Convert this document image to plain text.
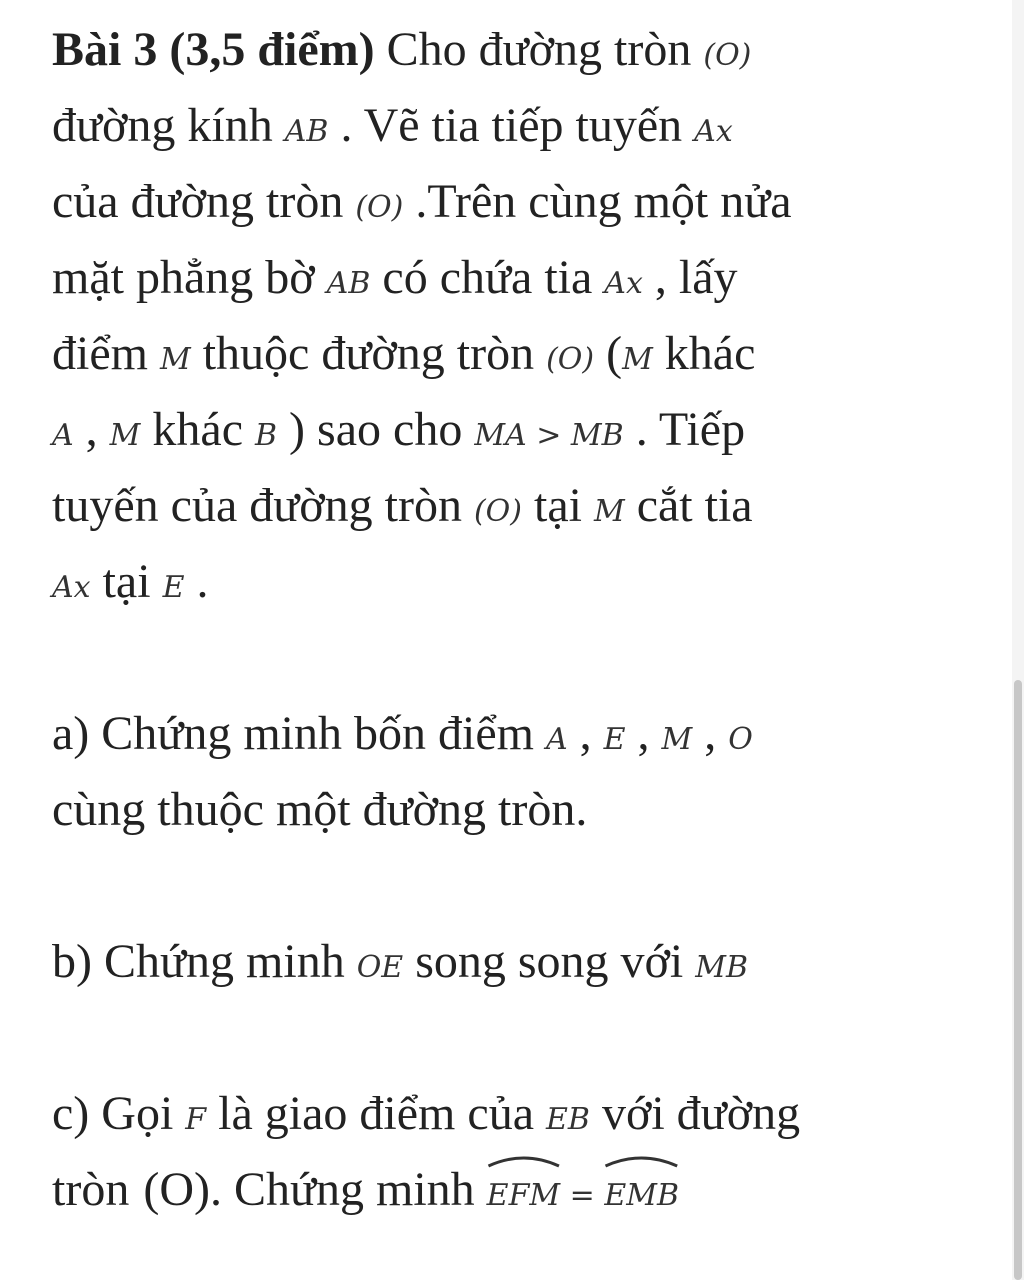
Bài 3 (3,5 điểm) Cho đường tròn (O)
đường kính AB . Vẽ tia tiếp tuyến Ax
của đường tròn (O) .Trên cùng một nửa
mặt phẳng bờ AB có chứa tia Ax , lấy
điểm M thuộc đường tròn (O) (M khác
A , M khác B ) sao cho MA > MB . Tiếp
tuyến của đường tròn (O) tại M cắt tia
Ax tại E .
a) Chứng minh bốn điểm A , E , M , O
cùng thuộc một đường tròn.
b) Chứng minh OE song song với MB
c) Gọi F là giao điểm của EB với đường
tròn (O). Chứng minh
EFM =
EMB
